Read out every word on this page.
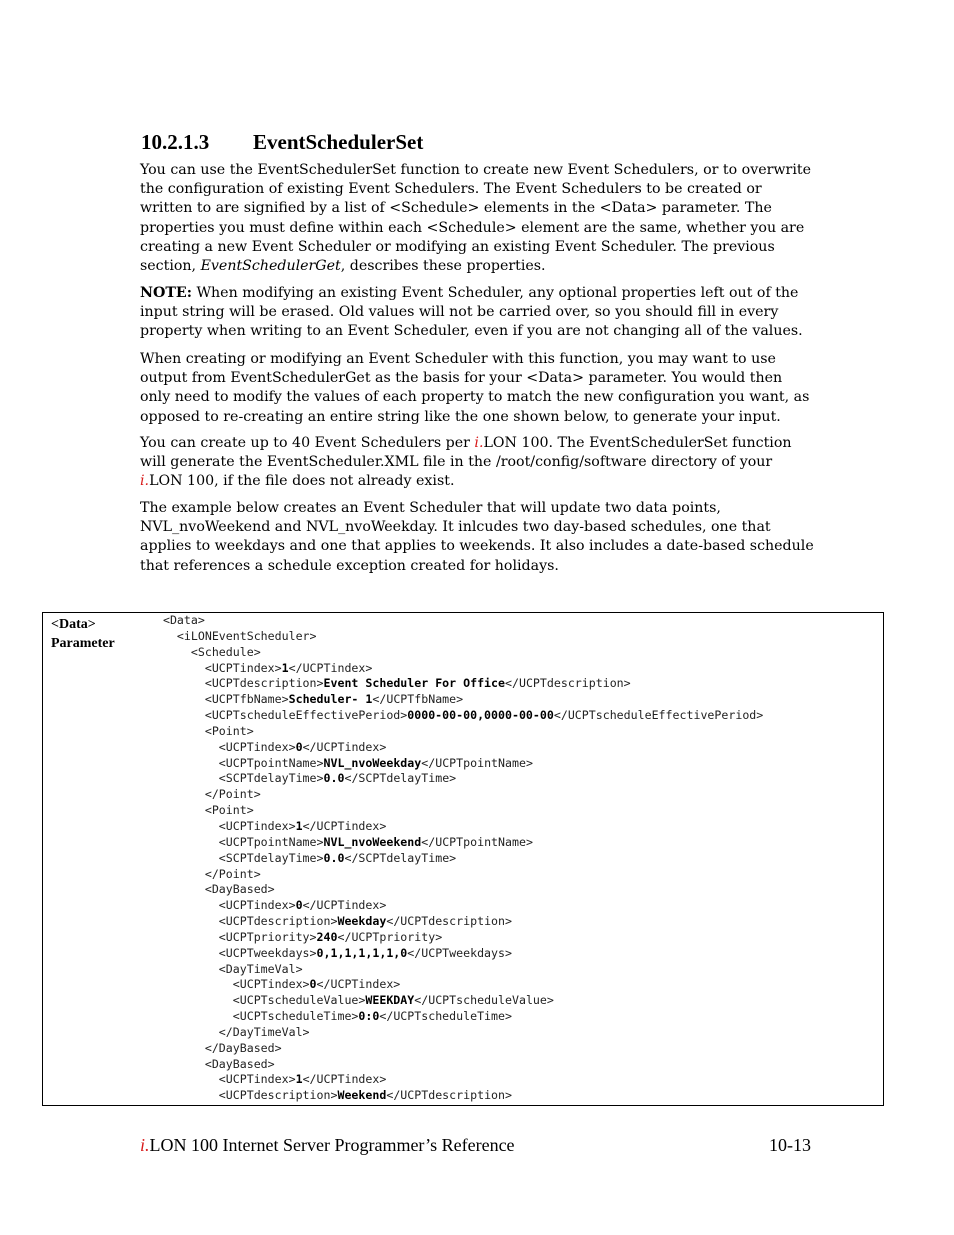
10.2.1.3 EventSchedulerSet
You can use the EventSchedulerSet function to create new Event Schedulers, or to overwrite
the configuration of existing Event Schedulers. The Event Schedulers to be created or
written to are signified by a list of <Schedule> elements in the <Data> parameter. The
properties you must define within each <Schedule> element are the same, whether you are
creating a new Event Scheduler or modifying an existing Event Scheduler. The previous
section, EventSchedulerGet, describes these properties.
NOTE: When modifying an existing Event Scheduler, any optional properties left out of the
input string will be erased. Old values will not be carried over, so you should fill in every
property when writing to an Event Scheduler, even if you are not changing all of the values.
When creating or modifying an Event Scheduler with this function, you may want to use
output from EventSchedulerGet as the basis for your <Data> parameter. You would then
only need to modify the values of each property to match the new configuration you want, as
opposed to re-creating an entire string like the one shown below, to generate your input.
You can create up to 40 Event Schedulers per i.LON 100. The EventSchedulerSet function
will generate the EventScheduler.XML file in the /root/config/software directory of your
i.LON 100, if the file does not already exist.
The example below creates an Event Scheduler that will update two data points,
NVL_nvoWeekend and NVL_nvoWeekday. It inlcudes two day-based schedules, one that
applies to weekdays and one that applies to weekends. It also includes a date-based schedule
that references a schedule exception created for holidays.
<Data>
Parameter
<Data>
<iLONEventScheduler>
<Schedule>
<UCPTindex>1</UCPTindex>
<UCPTdescription>Event Scheduler For Office</UCPTdescription>
<UCPTfbName>Scheduler- 1</UCPTfbName>
<UCPTscheduleEffectivePeriod>0000-00-00,0000-00-00</UCPTscheduleEffectivePeriod>
<Point>
<UCPTindex>0</UCPTindex>
<UCPTpointName>NVL_nvoWeekday</UCPTpointName>
<SCPTdelayTime>0.0</SCPTdelayTime>
</Point>
<Point>
<UCPTindex>1</UCPTindex>
<UCPTpointName>NVL_nvoWeekend</UCPTpointName>
<SCPTdelayTime>0.0</SCPTdelayTime>
</Point>
<DayBased>
<UCPTindex>0</UCPTindex>
<UCPTdescription>Weekday</UCPTdescription>
<UCPTpriority>240</UCPTpriority>
<UCPTweekdays>0,1,1,1,1,1,0</UCPTweekdays>
<DayTimeVal>
<UCPTindex>0</UCPTindex>
<UCPTscheduleValue>WEEKDAY</UCPTscheduleValue>
<UCPTscheduleTime>0:0</UCPTscheduleTime>
</DayTimeVal>
</DayBased>
<DayBased>
<UCPTindex>1</UCPTindex>
<UCPTdescription>Weekend</UCPTdescription>
i.LON 100 Internet Server Programmer’s Reference	10-13
